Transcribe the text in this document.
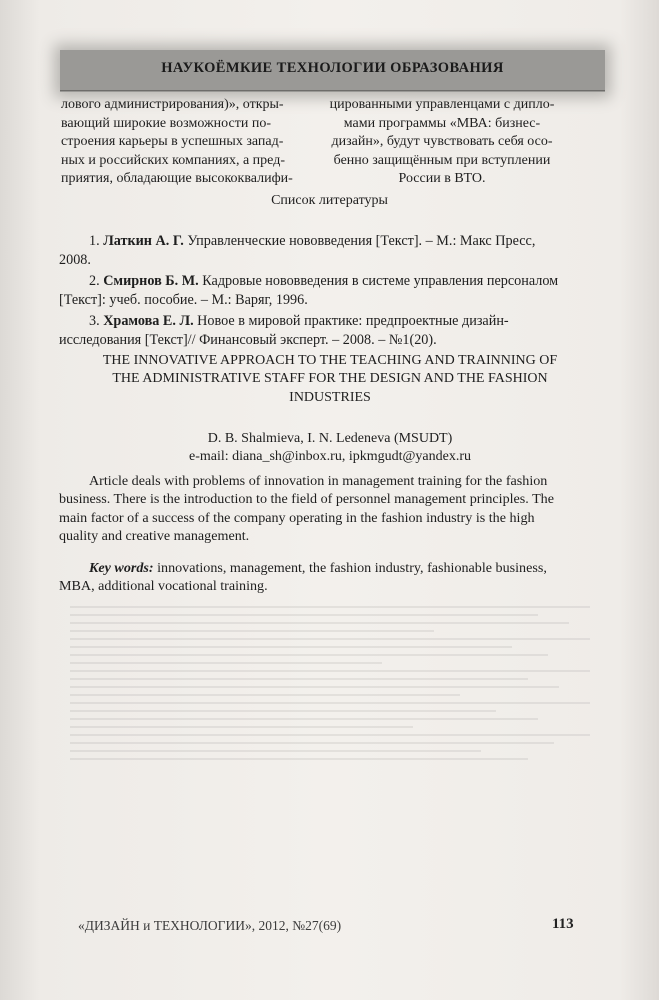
НАУКОЁМКИЕ ТЕХНОЛОГИИ ОБРАЗОВАНИЯ
лового администрирования)», откры-
вающий широкие возможности по-
строения карьеры в успешных запад-
ных и российских компаниях, а пред-
приятия, обладающие высококвалифи-
цированными управленцами с дипло-
мами программы «МВА: бизнес-
дизайн», будут чувствовать себя осо-
бенно защищённым при вступлении
России в ВТО.
Список литературы
1. Латкин А. Г. Управленческие нововведения [Текст]. – М.: Макс Пресс,
2008.
2. Смирнов Б. М. Кадровые нововведения в системе управления персоналом
[Текст]: учеб. пособие. – М.: Варяг, 1996.
3. Храмова Е. Л. Новое в мировой практике: предпроектные дизайн-
исследования [Текст]// Финансовый эксперт. – 2008. – №1(20).
THE INNOVATIVE APPROACH TO THE TEACHING AND TRAINNING OF
THE ADMINISTRATIVE STAFF FOR THE DESIGN AND THE FASHION
INDUSTRIES
D. B. Shalmieva, I. N. Ledeneva (MSUDT)
e-mail: diana_sh@inbox.ru, ipkmgudt@yandex.ru
Article deals with problems of innovation in management training for the fashion
business. There is the introduction to the field of personnel management principles. The
main factor of a success of the company operating in the fashion industry is the high
quality and creative management.
Key words: innovations, management, the fashion industry, fashionable business,
MBA, additional vocational training.
«ДИЗАЙН и ТЕХНОЛОГИИ», 2012, №27(69)	113
